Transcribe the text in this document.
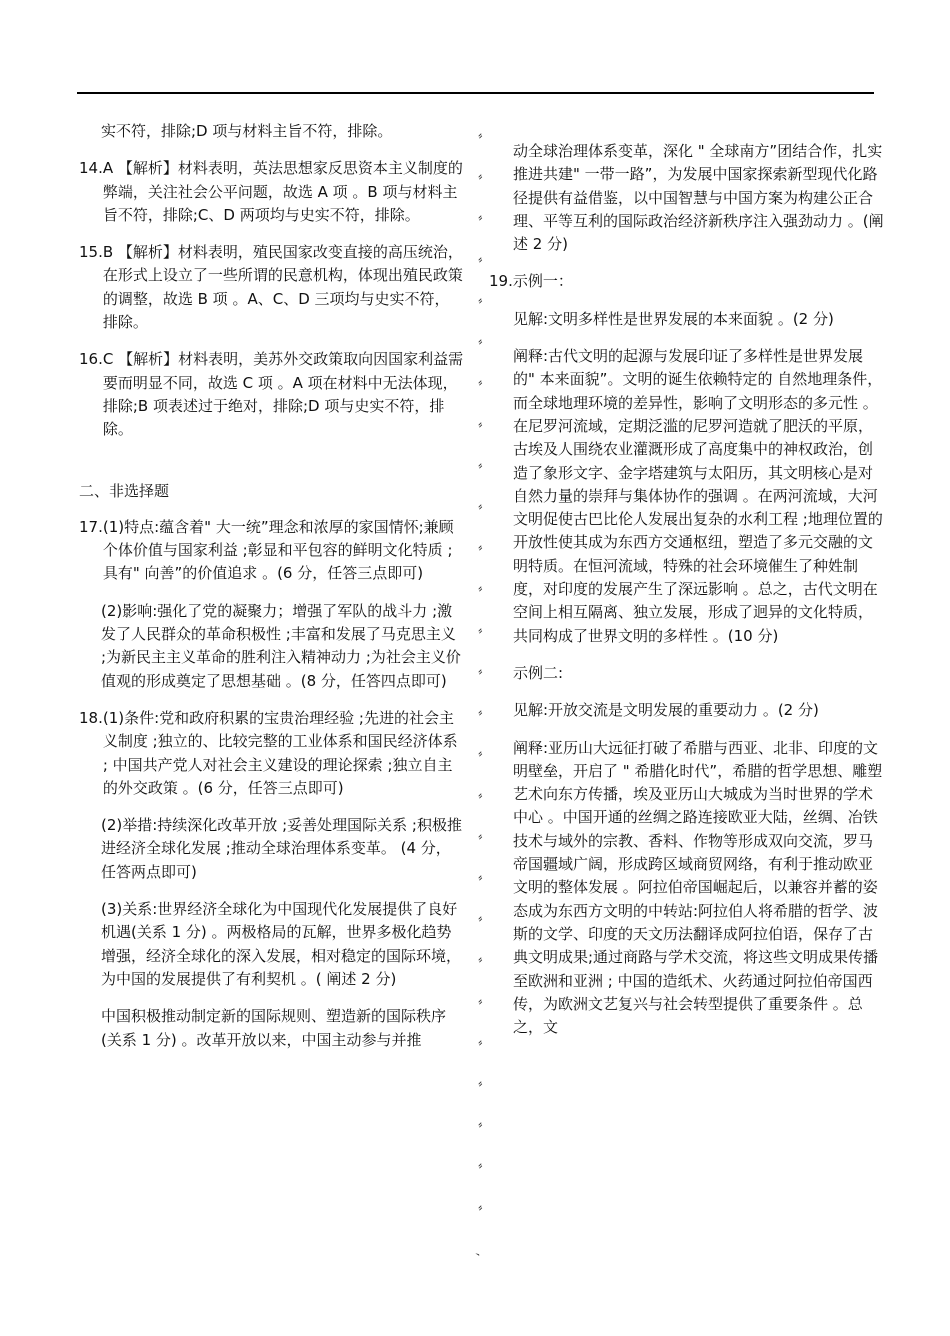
实不符，排除;D 项与材料主旨不符，排除。
14. A 【解析】材料表明，英法思想家反思资本主义制度的弊端，关注社会公平问题，故选 A 项 。B 项与材料主旨不符，排除;C、D 两项均与史实不符，排除。
15. B 【解析】材料表明，殖民国家改变直接的高压统治，在形式上设立了一些所谓的民意机构，体现出殖民政策的调整，故选 B 项 。A、C、D 三项均与史实不符，排除。
16. C 【解析】材料表明，美苏外交政策取向因国家利益需要而明显不同，故选 C 项 。A 项在材料中无法体现，排除;B 项表述过于绝对，排除;D 项与史实不符，排除。
二、非选择题
17. (1)特点:蕴含着" 大一统”理念和浓厚的家国情怀;兼顾个体价值与国家利益 ;彰显和平包容的鲜明文化特质 ;具有" 向善”的价值追求 。(6 分，任答三点即可)
(2)影响:强化了党的凝聚力；增强了军队的战斗力 ;激发了人民群众的革命积极性 ;丰富和发展了马克思主义 ;为新民主主义革命的胜利注入精神动力 ;为社会主义价值观的形成奠定了思想基础 。(8 分，任答四点即可)
18. (1)条件:党和政府积累的宝贵治理经验 ;先进的社会主义制度 ;独立的、比较完整的工业体系和国民经济体系 ; 中国共产党人对社会主义建设的理论探索 ;独立自主的外交政策 。(6 分，任答三点即可)
(2)举措:持续深化改革开放 ;妥善处理国际关系 ;积极推进经济全球化发展 ;推动全球治理体系变革。 (4 分，任答两点即可)
(3)关系:世界经济全球化为中国现代化发展提供了良好机遇(关系 1 分) 。两极格局的瓦解，世界多极化趋势增强，经济全球化的深入发展，相对稳定的国际环境，为中国的发展提供了有利契机 。( 阐述 2 分)
中国积极推动制定新的国际规则、塑造新的国际秩序(关系 1 分) 。改革开放以来，中国主动参与并推
⸗
⸗
⸗
⸗
⸗
⸗
⸗
⸗
⸗
⸗
⸗
⸗
⸗
⸗
⸗
⸗
⸗
⸗
⸗
⸗
⸗
⸗
⸗
⸗
⸗
⸗
⸗
、
动全球治理体系变革，深化 " 全球南方”团结合作，扎实推进共建" 一带一路”，为发展中国家探索新型现代化路径提供有益借鉴，以中国智慧与中国方案为构建公正合理、平等互利的国际政治经济新秩序注入强劲动力 。(阐述 2 分)
19. 示例一：
见解:文明多样性是世界发展的本来面貌 。(2 分)
阐释:古代文明的起源与发展印证了多样性是世界发展的" 本来面貌”。文明的诞生依赖特定的 自然地理条件，而全球地理环境的差异性，影响了文明形态的多元性 。在尼罗河流域，定期泛滥的尼罗河造就了肥沃的平原，古埃及人围绕农业灌溉形成了高度集中的神权政治，创造了象形文字、金字塔建筑与太阳历，其文明核心是对自然力量的崇拜与集体协作的强调 。在两河流域，大河文明促使古巴比伦人发展出复杂的水利工程 ;地理位置的开放性使其成为东西方交通枢纽，塑造了多元交融的文明特质。在恒河流域，特殊的社会环境催生了种姓制度，对印度的发展产生了深远影响 。总之，古代文明在空间上相互隔离、独立发展，形成了迥异的文化特质，共同构成了世界文明的多样性 。(10 分)
示例二:
见解:开放交流是文明发展的重要动力 。(2 分)
阐释:亚历山大远征打破了希腊与西亚、北非、印度的文明壁垒，开启了 " 希腊化时代”，希腊的哲学思想、雕塑艺术向东方传播，埃及亚历山大城成为当时世界的学术中心 。中国开通的丝绸之路连接欧亚大陆，丝绸、冶铁技术与域外的宗教、香料、作物等形成双向交流，罗马帝国疆域广阔，形成跨区域商贸网络，有利于推动欧亚文明的整体发展 。阿拉伯帝国崛起后，以兼容并蓄的姿态成为东西方文明的中转站:阿拉伯人将希腊的哲学、波斯的文学、印度的天文历法翻译成阿拉伯语，保存了古典文明成果;通过商路与学术交流，将这些文明成果传播至欧洲和亚洲 ; 中国的造纸术、火药通过阿拉伯帝国西传，为欧洲文艺复兴与社会转型提供了重要条件 。总之，文
